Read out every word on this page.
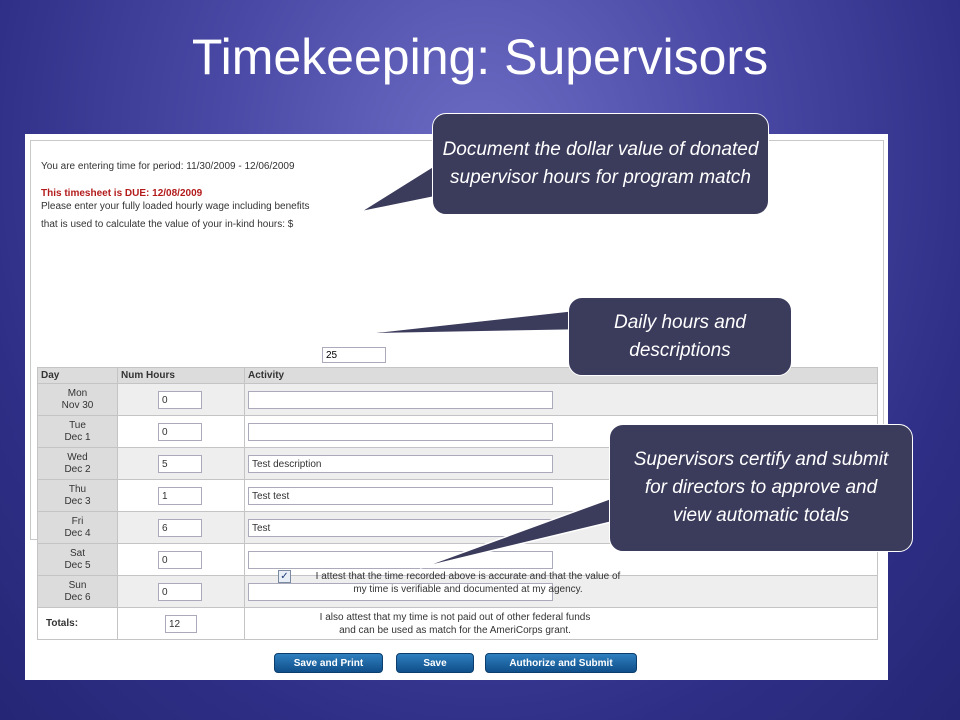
Timekeeping: Supervisors
You are entering time for period: 11/30/2009 - 12/06/2009
This timesheet is DUE: 12/08/2009
Please enter your fully loaded hourly wage including benefits
that is used to calculate the value of your in-kind hours: $
25
Day	Num Hours	Activity
Mon
Nov 30	0	

Tue
Dec 1	0	

Wed
Dec 2	5	Test description

Thu
Dec 3	1	Test test

Fri
Dec 4	6	Test

Sat
Dec 5	0	

Sun
Dec 6	0	

Totals:	12	

✓	I attest that the time recorded above is accurate and that the value of
my time is verifiable and documented at my agency.
I also attest that my time is not paid out of other federal funds
and can be used as match for the AmeriCorps grant.
Save and Print	Save	Authorize and Submit
Document the dollar value of donated supervisor hours for program match
Daily hours and descriptions
Supervisors certify and submit for directors to approve and view automatic totals
